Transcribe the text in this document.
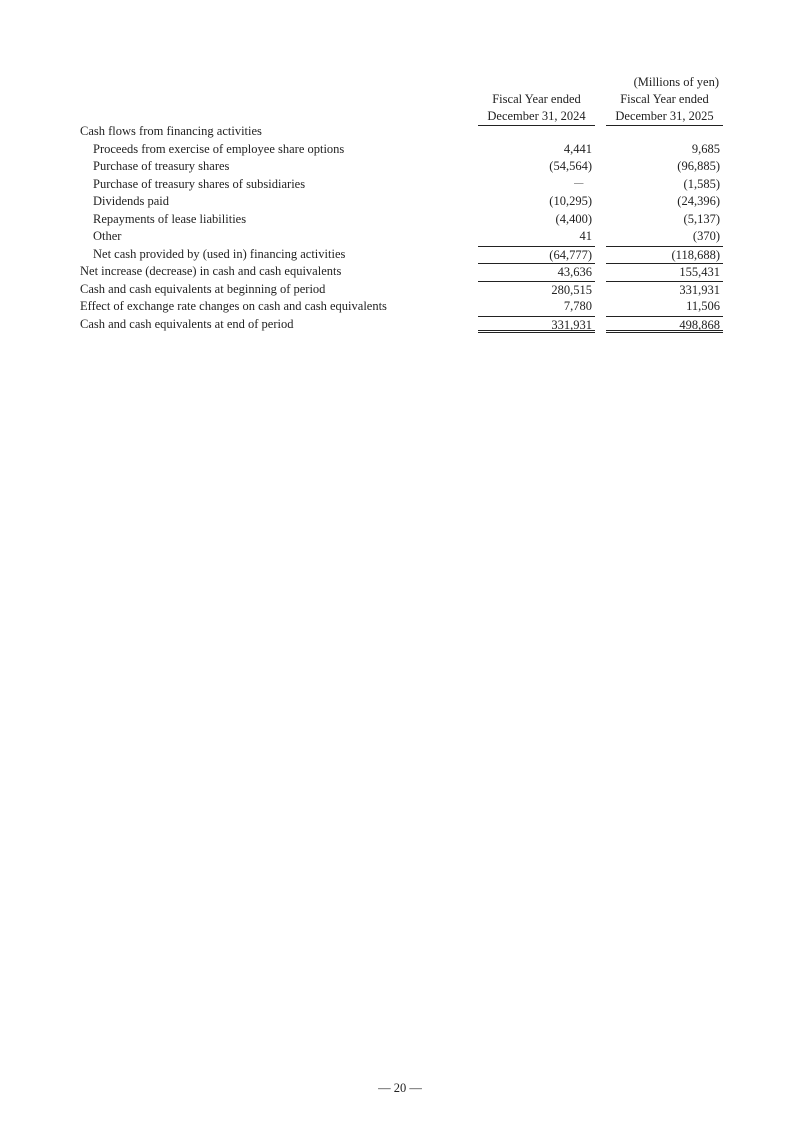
(Millions of yen)
Fiscal Year ended
December 31, 2024
Fiscal Year ended
December 31, 2025
Cash flows from financing activities
Proceeds from exercise of employee share options	4,441	9,685
Purchase of treasury shares	(54,564)	(96,885)
Purchase of treasury shares of subsidiaries	－	(1,585)
Dividends paid	(10,295)	(24,396)
Repayments of lease liabilities	(4,400)	(5,137)
Other	41	(370)
Net cash provided by (used in) financing activities	(64,777)	(118,688)
Net increase (decrease) in cash and cash equivalents	43,636	155,431
Cash and cash equivalents at beginning of period	280,515	331,931
Effect of exchange rate changes on cash and cash equivalents	7,780	11,506
Cash and cash equivalents at end of period	331,931	498,868
― 20 ―
